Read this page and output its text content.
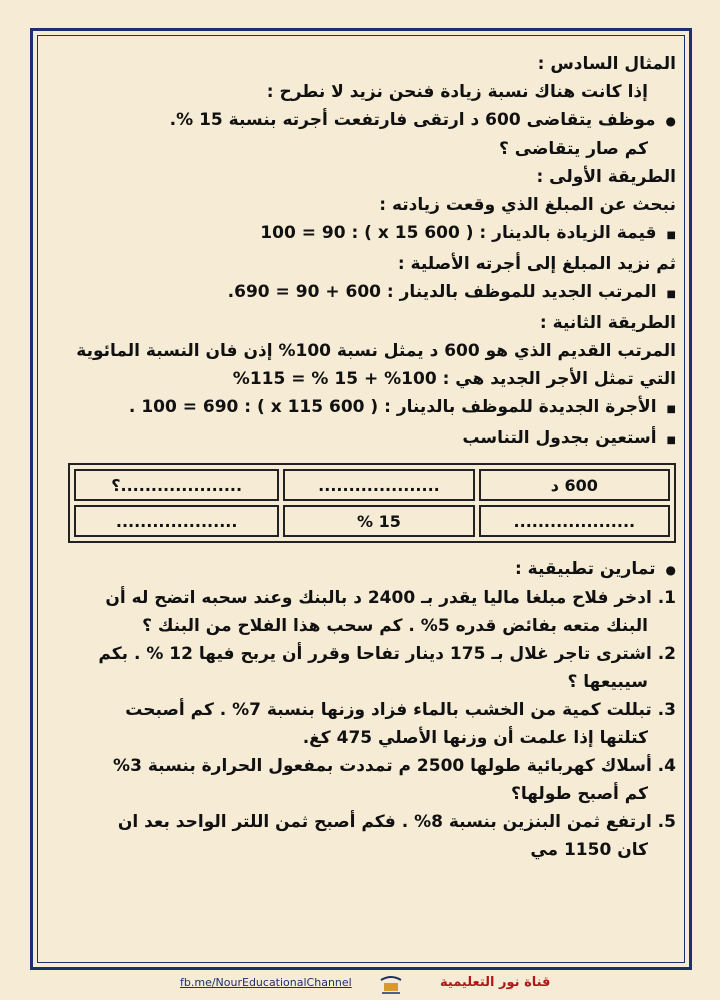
المثال السادس :

إذا كانت هناك نسبة زيادة فنحن نزيد لا نطرح :

● موظف يتقاضى 600 د ارتقى فارتفعت أجرته بنسبة 15 %.

كم صار يتقاضى ؟

الطريقة الأولى :

نبحث عن المبلغ الذي وقعت زيادته :

■ قيمة الزيادة بالدينار : ( 600 x 15 ) : 100 = 90

ثم نزيد المبلغ إلى أجرته الأصلية :

■ المرتب الجديد للموظف بالدينار : 600 + 90 = 690.

الطريقة الثانية :

المرتب القديم الذي هو 600 د يمثل نسبة 100% إذن فان النسبة المائوية

التي تمثل الأجر الجديد هي : 100% + 15 % = 115%

■ الأجرة الجديدة للموظف بالدينار : ( 600 x 115 ) : 100 = 690 .

■ أستعين بجدول التناسب

....................؟	....................	600 د
....................	15 %	....................

● تمارين تطبيقية :

1. ادخر فلاح مبلغا ماليا يقدر بـ 2400 د بالبنك وعند سحبه اتضح له أن

البنك متعه بفائض قدره 5% . كم سحب هذا الفلاح من البنك ؟

2. اشترى تاجر غلال بـ 175 دينار تفاحا وقرر أن يربح فيها 12 % . بكم

سيبيعها ؟

3. تبللت كمية من الخشب بالماء فزاد وزنها بنسبة 7% . كم أصبحت

كتلتها إذا علمت أن وزنها الأصلي 475 كغ.

4. أسلاك كهربائية طولها 2500 م تمددت بمفعول الحرارة بنسبة 3%

كم أصبح طولها؟

5. ارتفع ثمن البنزين بنسبة 8% . فكم أصبح ثمن اللتر الواحد بعد ان

كان 1150 مي

fb.me/NourEducationalChannel	قناة نور التعليمية
